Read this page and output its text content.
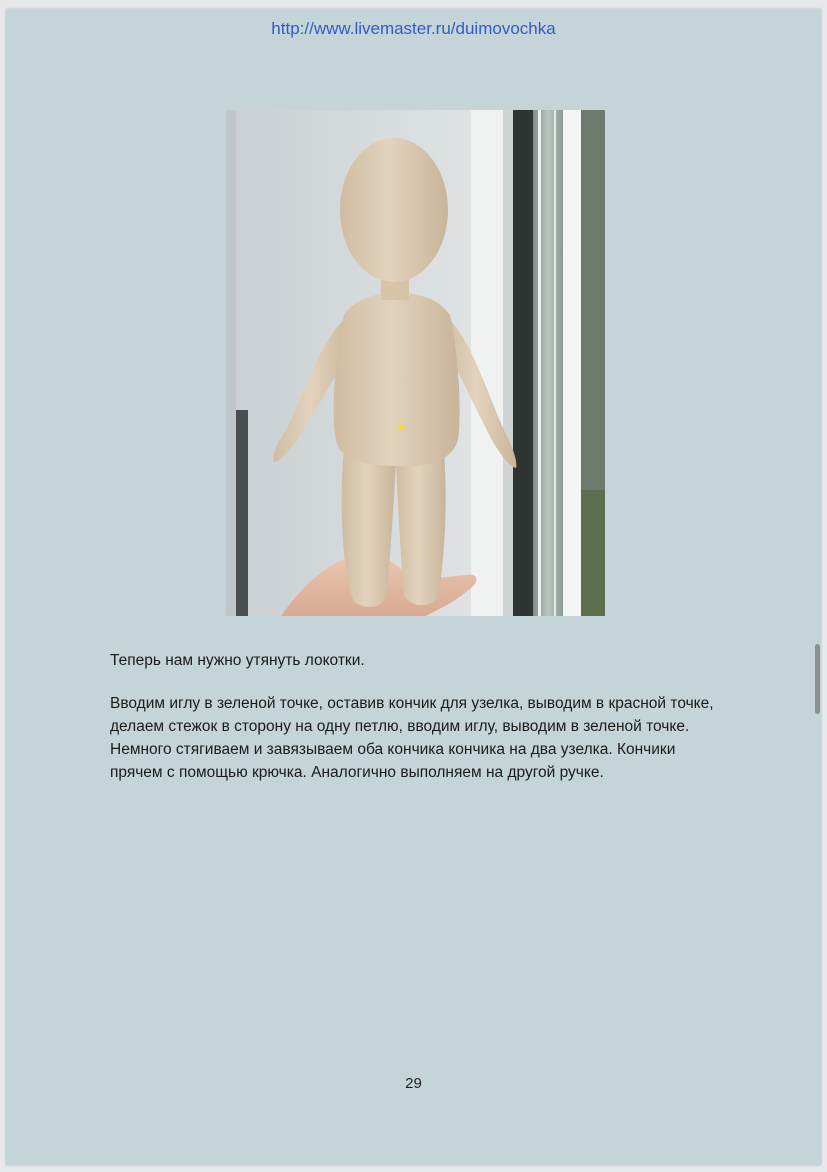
http://www.livemaster.ru/duimovochka

Теперь нам нужно утянуть локотки.

Вводим иглу в зеленой точке, оставив кончик для узелка, выводим в красной точке, делаем стежок в сторону на одну петлю, вводим иглу, выводим в зеленой точке. Немного стягиваем и завязываем оба кончика кончика на два узелка. Кончики прячем с помощью крючка. Аналогично выполняем на другой ручке.

29
